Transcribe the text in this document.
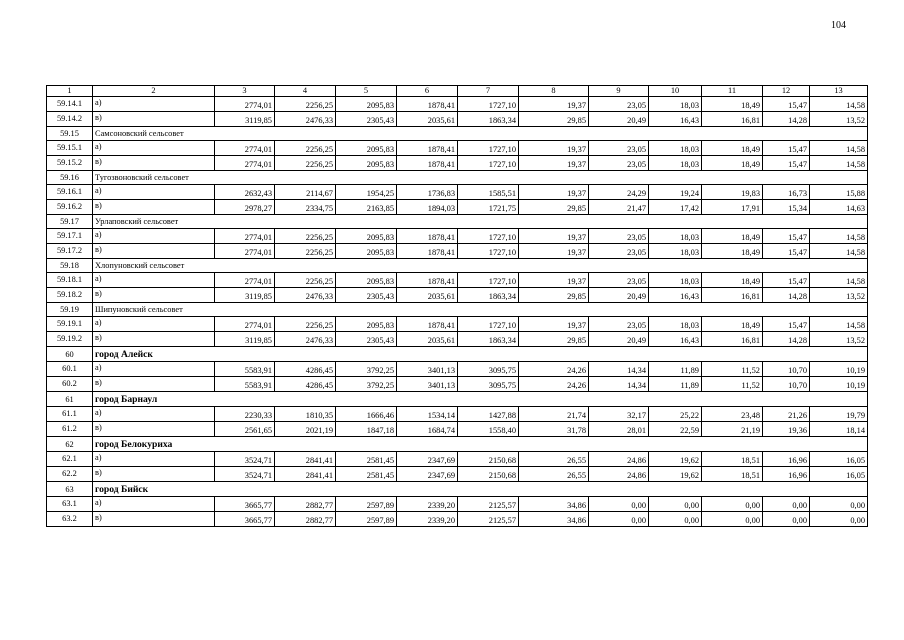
104
1	2	3	4	5	6	7	8	9	10	11	12	13
59.14.1	а)	2774,01	2256,25	2095,83	1878,41	1727,10	19,37	23,05	18,03	18,49	15,47	14,58
59.14.2	в)	3119,85	2476,33	2305,43	2035,61	1863,34	29,85	20,49	16,43	16,81	14,28	13,52
59.15	Самсоновский сельсовет											
59.15.1	а)	2774,01	2256,25	2095,83	1878,41	1727,10	19,37	23,05	18,03	18,49	15,47	14,58
59.15.2	в)	2774,01	2256,25	2095,83	1878,41	1727,10	19,37	23,05	18,03	18,49	15,47	14,58
59.16	Тугозвоновский сельсовет											
59.16.1	а)	2632,43	2114,67	1954,25	1736,83	1585,51	19,37	24,29	19,24	19,83	16,73	15,88
59.16.2	в)	2978,27	2334,75	2163,85	1894,03	1721,75	29,85	21,47	17,42	17,91	15,34	14,63
59.17	Урлаповский сельсовет											
59.17.1	а)	2774,01	2256,25	2095,83	1878,41	1727,10	19,37	23,05	18,03	18,49	15,47	14,58
59.17.2	в)	2774,01	2256,25	2095,83	1878,41	1727,10	19,37	23,05	18,03	18,49	15,47	14,58
59.18	Хлопуновский сельсовет											
59.18.1	а)	2774,01	2256,25	2095,83	1878,41	1727,10	19,37	23,05	18,03	18,49	15,47	14,58
59.18.2	в)	3119,85	2476,33	2305,43	2035,61	1863,34	29,85	20,49	16,43	16,81	14,28	13,52
59.19	Шипуновский сельсовет											
59.19.1	а)	2774,01	2256,25	2095,83	1878,41	1727,10	19,37	23,05	18,03	18,49	15,47	14,58
59.19.2	в)	3119,85	2476,33	2305,43	2035,61	1863,34	29,85	20,49	16,43	16,81	14,28	13,52
60	город Алейск											
60.1	а)	5583,91	4286,45	3792,25	3401,13	3095,75	24,26	14,34	11,89	11,52	10,70	10,19
60.2	в)	5583,91	4286,45	3792,25	3401,13	3095,75	24,26	14,34	11,89	11,52	10,70	10,19
61	город Барнаул											
61.1	а)	2230,33	1810,35	1666,46	1534,14	1427,88	21,74	32,17	25,22	23,48	21,26	19,79
61.2	в)	2561,65	2021,19	1847,18	1684,74	1558,40	31,78	28,01	22,59	21,19	19,36	18,14
62	город Белокуриха											
62.1	а)	3524,71	2841,41	2581,45	2347,69	2150,68	26,55	24,86	19,62	18,51	16,96	16,05
62.2	в)	3524,71	2841,41	2581,45	2347,69	2150,68	26,55	24,86	19,62	18,51	16,96	16,05
63	город Бийск											
63.1	а)	3665,77	2882,77	2597,89	2339,20	2125,57	34,86	0,00	0,00	0,00	0,00	0,00
63.2	в)	3665,77	2882,77	2597,89	2339,20	2125,57	34,86	0,00	0,00	0,00	0,00	0,00
